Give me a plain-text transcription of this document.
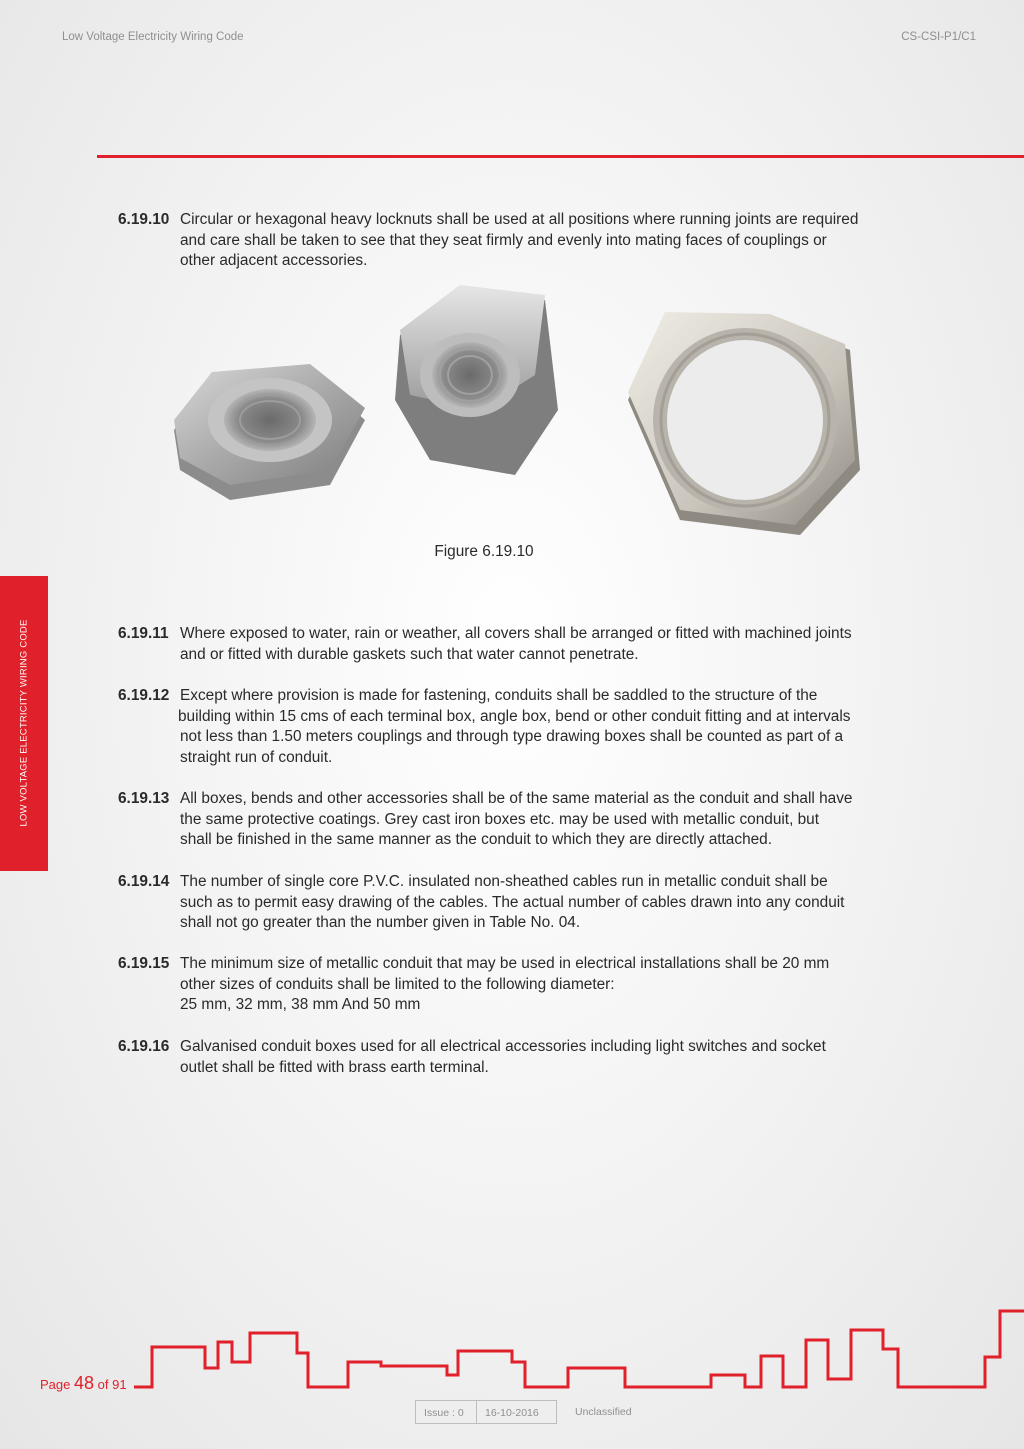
Low Voltage Electricity Wiring Code	CS-CSI-P1/C1
LOW VOLTAGE ELECTRICITY WIRING CODE
6.19.10 Circular or hexagonal heavy locknuts shall be used at all positions where running joints are required
and care shall be taken to see that they seat firmly and evenly into mating faces of couplings or
other adjacent accessories.
Figure 6.19.10
6.19.11 Where exposed to water, rain or weather, all covers shall be arranged or fitted with machined joints
and or fitted with durable gaskets such that water cannot penetrate.
6.19.12 Except where provision is made for fastening, conduits shall be saddled to the structure of the
building within 15 cms of each terminal box, angle box, bend or other conduit fitting and at intervals
not less than 1.50 meters couplings and through type drawing boxes shall be counted as part of a
straight run of conduit.
6.19.13 All boxes, bends and other accessories shall be of the same material as the conduit and shall have
the same protective coatings. Grey cast iron boxes etc. may be used with metallic conduit, but
shall be finished in the same manner as the conduit to which they are directly attached.
6.19.14 The number of single core P.V.C. insulated non-sheathed cables run in metallic conduit shall be
such as to permit easy drawing of the cables. The actual number of cables drawn into any conduit
shall not go greater than the number given in Table No. 04.
6.19.15 The minimum size of metallic conduit that may be used in electrical installations shall be 20 mm
other sizes of conduits shall be limited to the following diameter:
25 mm, 32 mm, 38 mm And 50 mm
6.19.16 Galvanised conduit boxes used for all electrical accessories including light switches and socket
outlet shall be fitted with brass earth terminal.
Page 48 of 91
Issue : 0	16-10-2016	Unclassified
